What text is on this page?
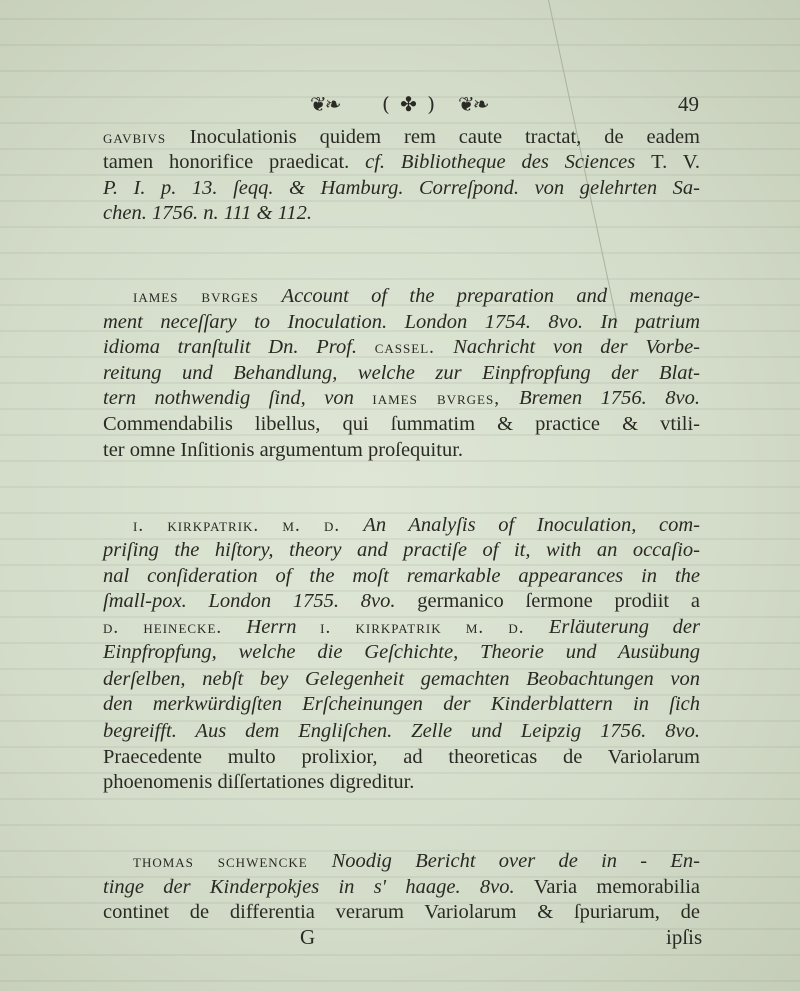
❦❧ ( ✤ ) ❦❧	49
gavbivs Inoculationis quidem rem caute tractat, de eadem
tamen honorifice praedicat. cf. Bibliotheque des Sciences T. V.
P. I. p. 13. ſeqq. & Hamburg. Correſpond. von gelehrten Sa-
chen. 1756. n. 111 & 112.
iames bvrges Account of the preparation and menage-
ment neceſſary to Inoculation. London 1754. 8vo. In patrium
idioma tranſtulit Dn. Prof. cassel. Nachricht von der Vorbe-
reitung und Behandlung, welche zur Einpfropfung der Blat-
tern nothwendig ſind, von iames bvrges, Bremen 1756. 8vo.
Commendabilis libellus, qui ſummatim & practice & vtili-
ter omne Inſitionis argumentum proſequitur.
i. kirkpatrik. m. d. An Analyſis of Inoculation, com-
priſing the hiſtory, theory and practiſe of it, with an occaſio-
nal conſideration of the moſt remarkable appearances in the
ſmall-pox. London 1755. 8vo. germanico ſermone prodiit a
d. heinecke. Herrn i. kirkpatrik m. d. Erläuterung der
Einpfropfung, welche die Geſchichte, Theorie und Ausübung
derſelben, nebſt bey Gelegenheit gemachten Beobachtungen von
den merkwürdigſten Erſcheinungen der Kinderblattern in ſich
begreifft. Aus dem Engliſchen. Zelle und Leipzig 1756. 8vo.
Praecedente multo prolixior, ad theoreticas de Variolarum
phoenomenis diſſertationes digreditur.
thomas schwencke Noodig Bericht over de in - En-
tinge der Kinderpokjes in s' haage. 8vo. Varia memorabilia
continet de differentia verarum Variolarum & ſpuriarum, de
G	ipſis
